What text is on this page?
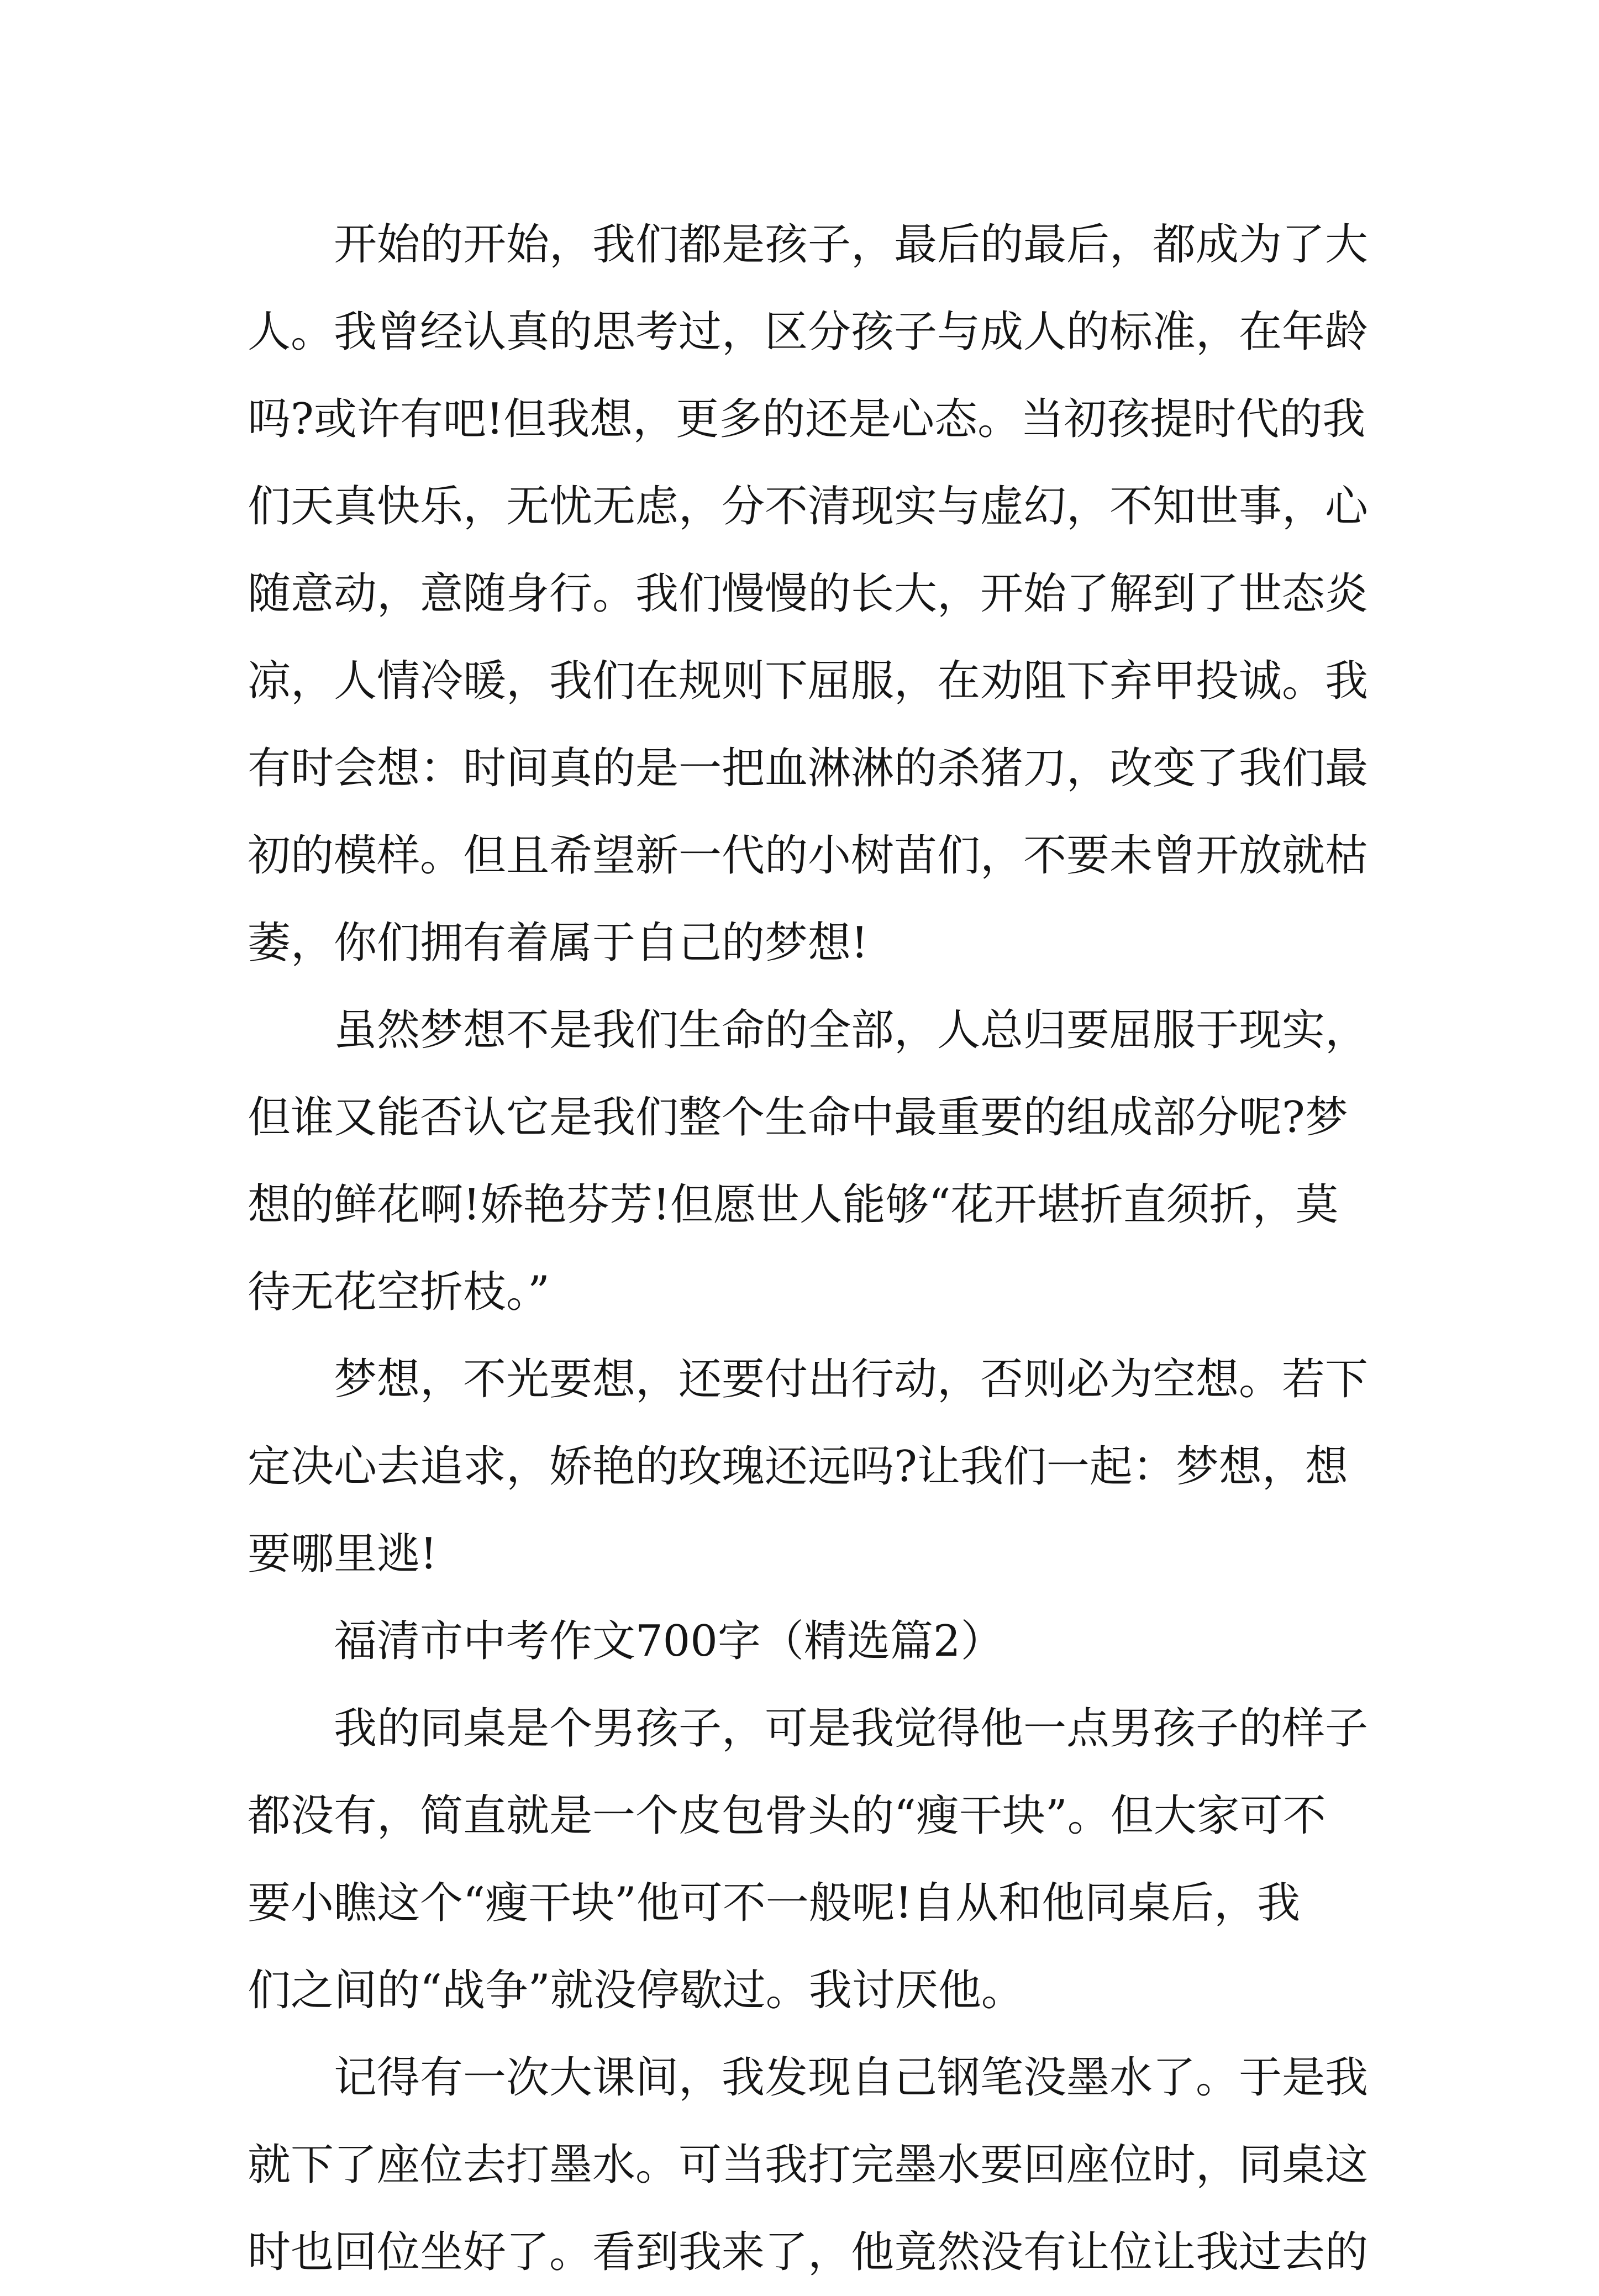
开始的开始，我们都是孩子，最后的最后，都成为了大
人。我曾经认真的思考过，区分孩子与成人的标准，在年龄
吗?或许有吧!但我想，更多的还是心态。当初孩提时代的我
们天真快乐，无忧无虑，分不清现实与虚幻，不知世事，心
随意动，意随身行。我们慢慢的长大，开始了解到了世态炎
凉，人情冷暖，我们在规则下屈服，在劝阻下弃甲投诚。我
有时会想：时间真的是一把血淋淋的杀猪刀，改变了我们最
初的模样。但且希望新一代的小树苗们，不要未曾开放就枯
萎，你们拥有着属于自己的梦想!
虽然梦想不是我们生命的全部，人总归要屈服于现实，
但谁又能否认它是我们整个生命中最重要的组成部分呢?梦
想的鲜花啊!娇艳芬芳!但愿世人能够“花开堪折直须折，莫
待无花空折枝。”
梦想，不光要想，还要付出行动，否则必为空想。若下
定决心去追求，娇艳的玫瑰还远吗?让我们一起：梦想，想
要哪里逃!
福清市中考作文700字（精选篇2）
我的同桌是个男孩子，可是我觉得他一点男孩子的样子
都没有，简直就是一个皮包骨头的“瘦干块”。但大家可不
要小瞧这个“瘦干块”他可不一般呢!自从和他同桌后，我
们之间的“战争”就没停歇过。我讨厌他。
记得有一次大课间，我发现自己钢笔没墨水了。于是我
就下了座位去打墨水。可当我打完墨水要回座位时，同桌这
时也回位坐好了。看到我来了，他竟然没有让位让我过去的
